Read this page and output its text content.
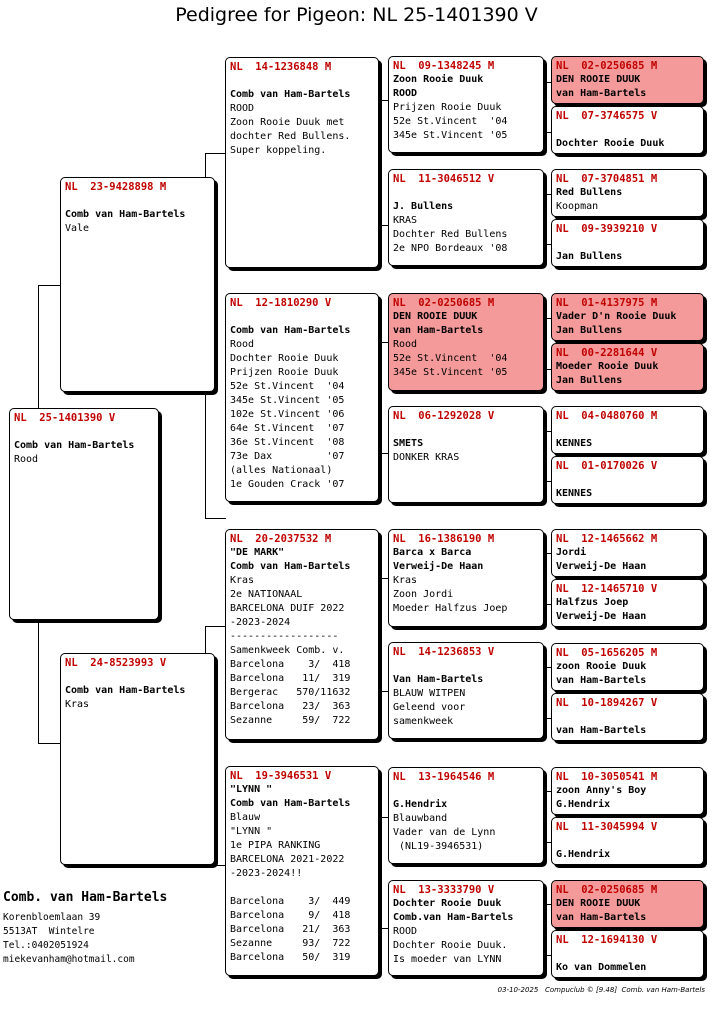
Pedigree for Pigeon: NL 25-1401390 V
NL  25-1401390 V
Comb van Ham-Bartels
Rood
NL  23-9428898 M
Comb van Ham-Bartels
Vale
NL  24-8523993 V
Comb van Ham-Bartels
Kras
NL  14-1236848 M
Comb van Ham-Bartels
ROOD
Zoon Rooie Duuk met
dochter Red Bullens.
Super koppeling.
NL  12-1810290 V
Comb van Ham-Bartels
Rood
Dochter Rooie Duuk
Prijzen Rooie Duuk
52e St.Vincent  '04
345e St.Vincent '05
102e St.Vincent '06
64e St.Vincent  '07
36e St.Vincent  '08
73e Dax         '07
(alles Nationaal)
1e Gouden Crack '07
NL  20-2037532 M
"DE MARK"
Comb van Ham-Bartels
Kras
2e NATIONAAL
BARCELONA DUIF 2022
-2023-2024
------------------
Samenkweek Comb. v.
Barcelona    3/  418
Barcelona   11/  319
Bergerac   570/11632
Barcelona   23/  363
Sezanne     59/  722
NL  19-3946531 V
"LYNN "
Comb van Ham-Bartels
Blauw
"LYNN "
1e PIPA RANKING
BARCELONA 2021-2022
-2023-2024!!
Barcelona    3/  449
Barcelona    9/  418
Barcelona   21/  363
Sezanne     93/  722
Barcelona   50/  319
NL  09-1348245 M
Zoon Rooie Duuk
ROOD
Prijzen Rooie Duuk
52e St.Vincent  '04
345e St.Vincent '05
NL  11-3046512 V
J. Bullens
KRAS
Dochter Red Bullens
2e NPO Bordeaux '08
NL  02-0250685 M
DEN ROOIE DUUK
van Ham-Bartels
Rood
52e St.Vincent  '04
345e St.Vincent '05
NL  06-1292028 V
SMETS
DONKER KRAS
NL  16-1386190 M
Barca x Barca
Verweij-De Haan
Kras
Zoon Jordi
Moeder Halfzus Joep
NL  14-1236853 V
Van Ham-Bartels
BLAUW WITPEN
Geleend voor
samenkweek
NL  13-1964546 M
G.Hendrix
Blauwband
Vader van de Lynn
(NL19-3946531)
NL  13-3333790 V
Dochter Rooie Duuk
Comb.van Ham-Bartels
ROOD
Dochter Rooie Duuk.
Is moeder van LYNN
NL  02-0250685 M
DEN ROOIE DUUK
van Ham-Bartels
NL  07-3746575 V
Dochter Rooie Duuk
NL  07-3704851 M
Red Bullens
Koopman
NL  09-3939210 V
Jan Bullens
NL  01-4137975 M
Vader D'n Rooie Duuk
Jan Bullens
NL  00-2281644 V
Moeder Rooie Duuk
Jan Bullens
NL  04-0480760 M
KENNES
NL  01-0170026 V
KENNES
NL  12-1465662 M
Jordi
Verweij-De Haan
NL  12-1465710 V
Halfzus Joep
Verweij-De Haan
NL  05-1656205 M
zoon Rooie Duuk
van Ham-Bartels
NL  10-1894267 V
van Ham-Bartels
NL  10-3050541 M
zoon Anny's Boy
G.Hendrix
NL  11-3045994 V
G.Hendrix
NL  02-0250685 M
DEN ROOIE DUUK
van Ham-Bartels
NL  12-1694130 V
Ko van Dommelen
Comb. van Ham-Bartels
Korenbloemlaan 39
5513AT  Wintelre
Tel.:0402051924
miekevanham@hotmail.com
03-10-2025   Compuclub © [9.48]  Comb. van Ham-Bartels
